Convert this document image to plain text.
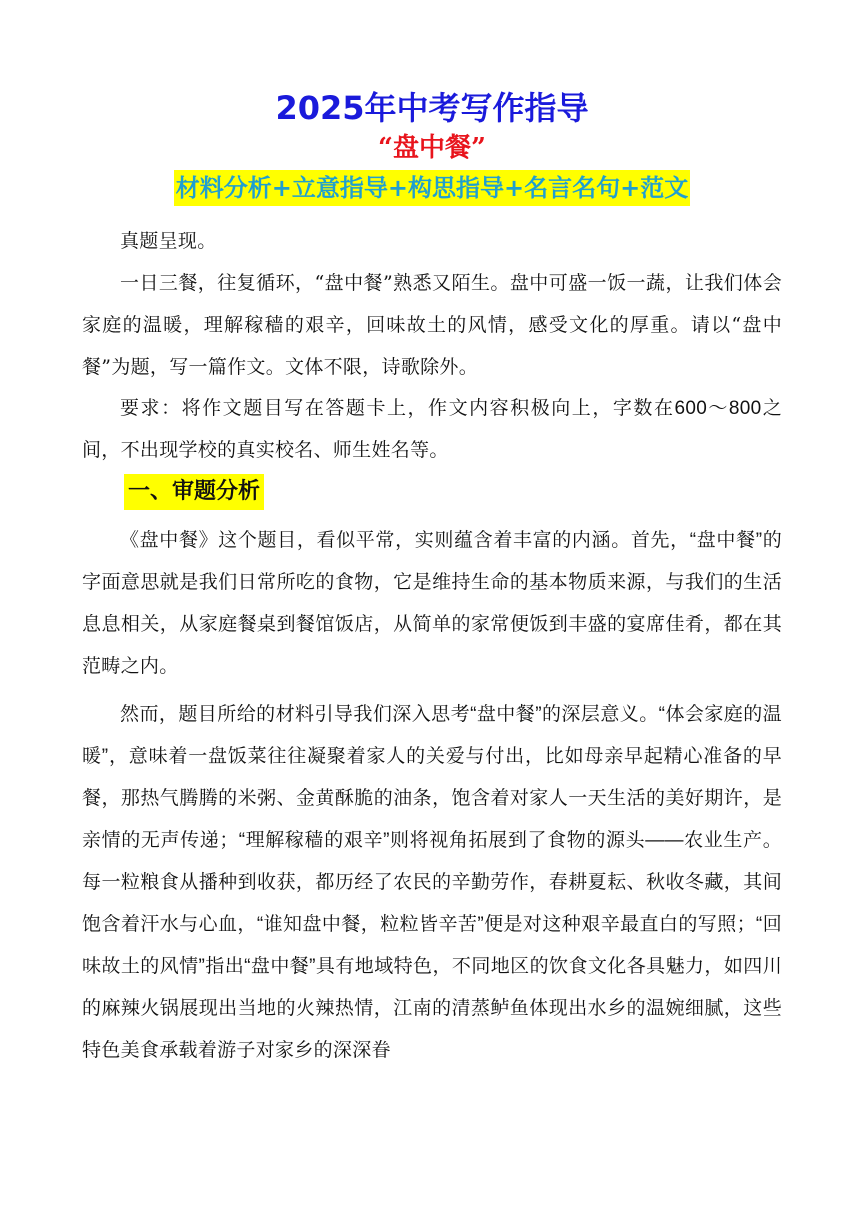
2025年中考写作指导
“盘中餐”
材料分析+立意指导+构思指导+名言名句+范文

真题呈现。

一日三餐，往复循环，“盘中餐”熟悉又陌生。盘中可盛一饭一蔬，让我们体会家庭的温暖，理解稼穑的艰辛，回味故土的风情，感受文化的厚重。请以“盘中餐”为题，写一篇作文。文体不限，诗歌除外。

要求：将作文题目写在答题卡上，作文内容积极向上，字数在600～800之间，不出现学校的真实校名、师生姓名等。

一、审题分析

《盘中餐》这个题目，看似平常，实则蕴含着丰富的内涵。首先，“盘中餐”的字面意思就是我们日常所吃的食物，它是维持生命的基本物质来源，与我们的生活息息相关，从家庭餐桌到餐馆饭店，从简单的家常便饭到丰盛的宴席佳肴，都在其范畴之内。

然而，题目所给的材料引导我们深入思考“盘中餐”的深层意义。“体会家庭的温暖”，意味着一盘饭菜往往凝聚着家人的关爱与付出，比如母亲早起精心准备的早餐，那热气腾腾的米粥、金黄酥脆的油条，饱含着对家人一天生活的美好期许，是亲情的无声传递；“理解稼穑的艰辛”则将视角拓展到了食物的源头——农业生产。每一粒粮食从播种到收获，都历经了农民的辛勤劳作，春耕夏耘、秋收冬藏，其间饱含着汗水与心血，“谁知盘中餐，粒粒皆辛苦”便是对这种艰辛最直白的写照；“回味故土的风情”指出“盘中餐”具有地域特色，不同地区的饮食文化各具魅力，如四川的麻辣火锅展现出当地的火辣热情，江南的清蒸鲈鱼体现出水乡的温婉细腻，这些特色美食承载着游子对家乡的深深眷
